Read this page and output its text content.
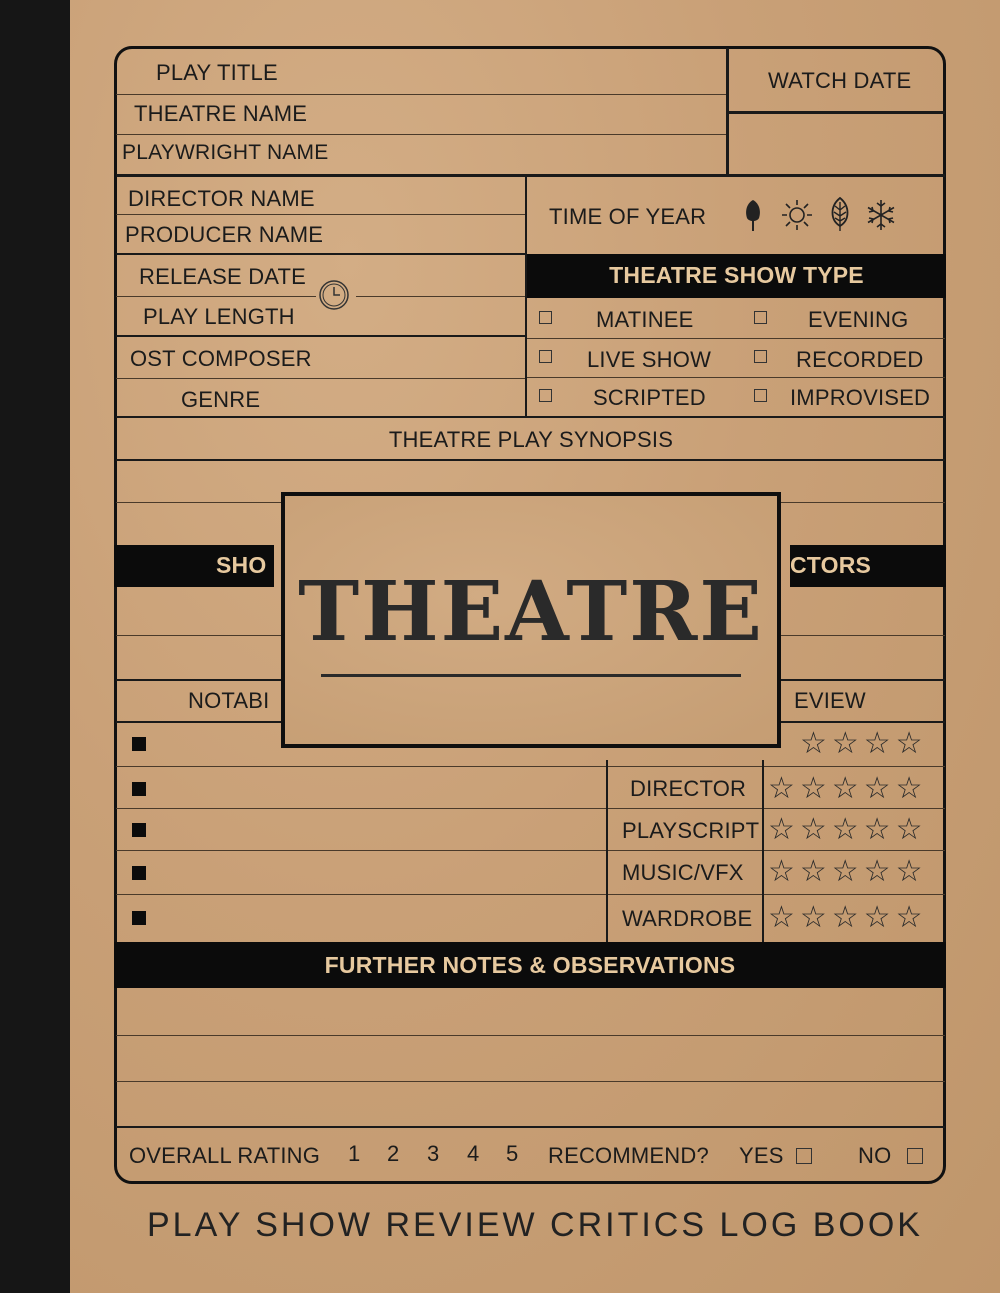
PLAY TITLE
THEATRE NAME
PLAYWRIGHT NAME
WATCH DATE
DIRECTOR NAME
PRODUCER NAME
RELEASE DATE
PLAY LENGTH
OST COMPOSER
GENRE
TIME OF YEAR
THEATRE SHOW TYPE
MATINEE	EVENING
LIVE SHOW	RECORDED
SCRIPTED	IMPROVISED
THEATRE PLAY SYNOPSIS
SHO​	CTORS
NOTABI	EVIEW
☆☆☆☆
DIRECTOR ☆☆☆☆☆
PLAYSCRIPT ☆☆☆☆☆
MUSIC/VFX ☆☆☆☆☆
WARDROBE ☆☆☆☆☆
FURTHER NOTES & OBSERVATIONS
OVERALL RATING 1 2 3 4 5 RECOMMEND? YES	NO
THEATRE
PLAY SHOW REVIEW CRITICS LOG BOOK
